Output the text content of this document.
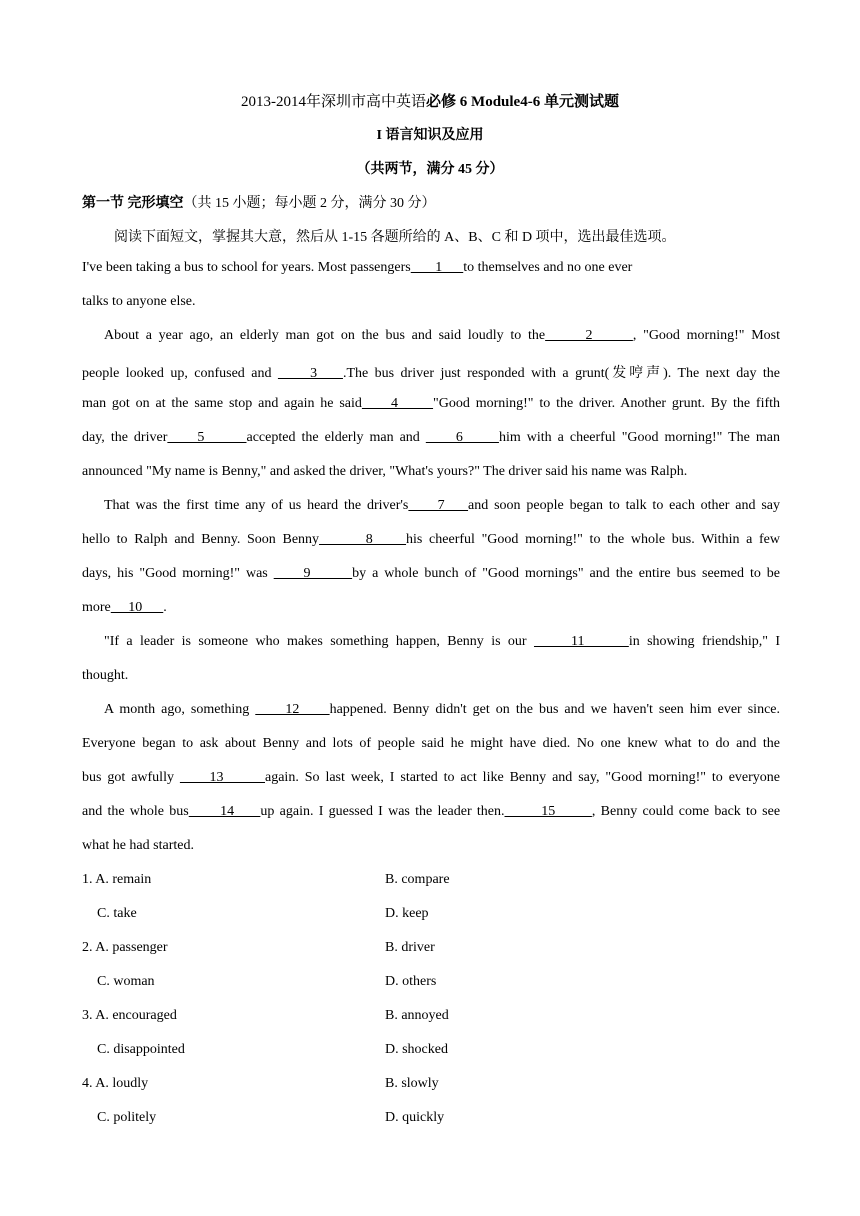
2013-2014年深圳市高中英语必修 6 Module4-6 单元测试题
I 语言知识及应用
（共两节，满分 45 分）
第一节 完形填空（共 15 小题；每小题 2 分，满分 30 分）
阅读下面短文，掌握其大意，然后从 1-15 各题所给的 A、B、C 和 D 项中，选出最佳选项。
I've been taking a bus to school for years. Most passengers       1      to themselves and no one ever
talks to anyone else.
About a year ago, an elderly man got on the bus and said loudly to the      2      , "Good morning!" Most
people looked up, confused and      3    .The bus driver just responded with a grunt(发哼声). The next day the
man got on at the same stop and again he said     4      "Good morning!" to the driver. Another grunt. By the fifth
day, the driver     5       accepted the elderly man and      6      him with a cheerful "Good morning!" The man
announced "My name is Benny," and asked the driver, "What's yours?" The driver said his name was Ralph.
That was the first time any of us heard the driver's     7    and soon people began to talk to each other and say
hello to Ralph and Benny. Soon Benny       8     his cheerful "Good morning!" to the whole bus. Within a few
days, his "Good morning!" was      9       by a whole bunch of "Good mornings" and the entire bus seemed to be
more     10      .
"If a leader is someone who makes something happen, Benny is our      11      in showing friendship," I
thought.
A month ago, something      12     happened. Benny didn't get on the bus and we haven't seen him ever since.
Everyone began to ask about Benny and lots of people said he might have died. No one knew what to do and the
bus got awfully      13       again. So last week, I started to act like Benny and say, "Good morning!" to everyone
and the whole bus      14     up again. I guessed I was the leader then.       15       , Benny could come back to see
what he had started.
1. A. remain	B. compare
C. take	D. keep
2. A. passenger	B. driver
C. woman	D. others
3. A. encouraged	B. annoyed
C. disappointed	D. shocked
4. A. loudly	B. slowly
C. politely	D. quickly
